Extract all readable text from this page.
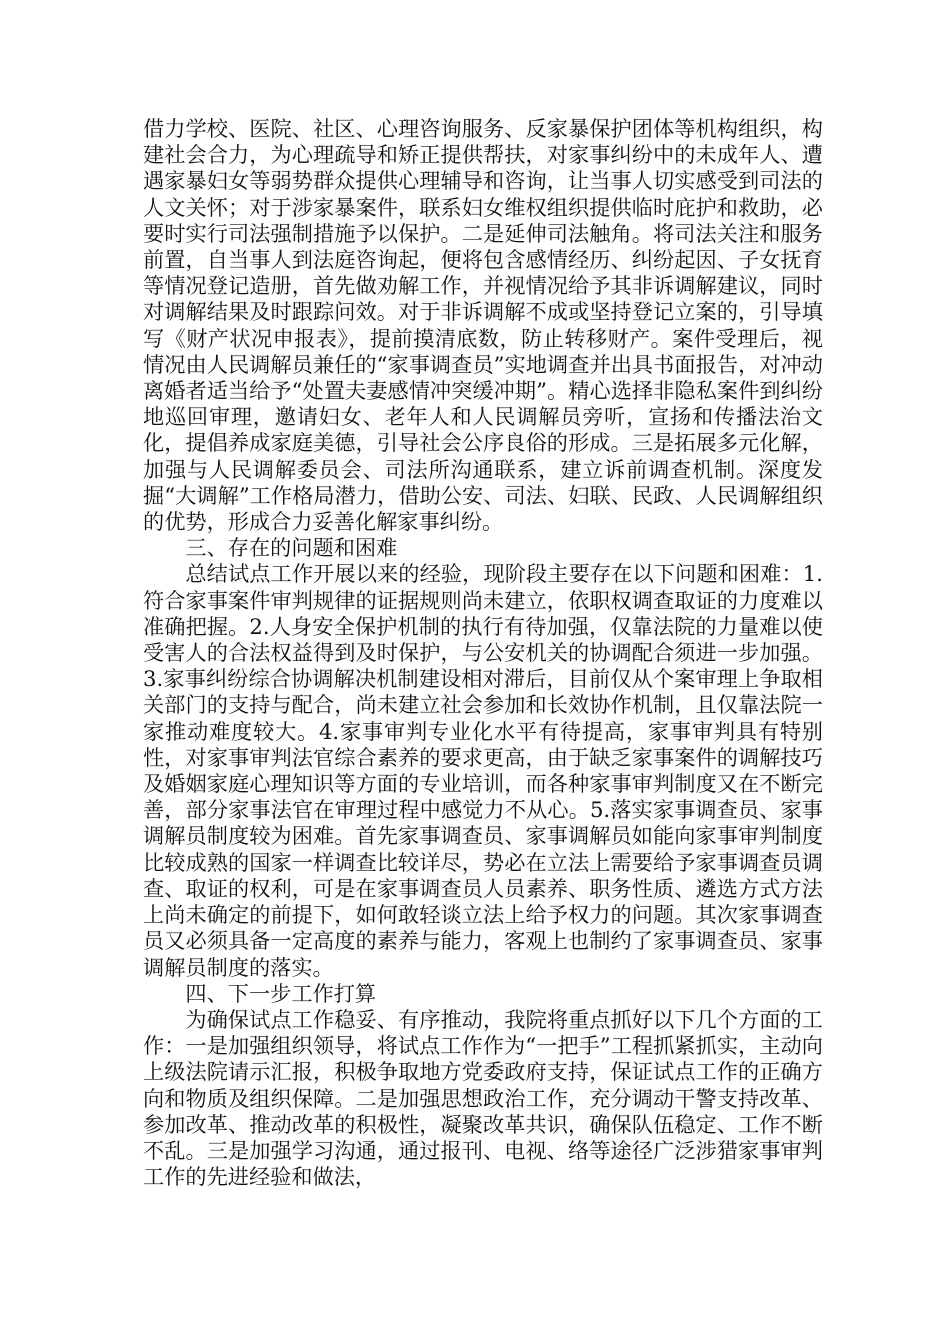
借力学校、医院、社区、心理咨询服务、反家暴保护团体等机构组织，构建社会合力，为心理疏导和矫正提供帮扶，对家事纠纷中的未成年人、遭遇家暴妇女等弱势群众提供心理辅导和咨询，让当事人切实感受到司法的人文关怀；对于涉家暴案件，联系妇女维权组织提供临时庇护和救助，必要时实行司法强制措施予以保护。二是延伸司法触角。将司法关注和服务前置，自当事人到法庭咨询起，便将包含感情经历、纠纷起因、子女抚育等情况登记造册，首先做劝解工作，并视情况给予其非诉调解建议，同时对调解结果及时跟踪问效。对于非诉调解不成或坚持登记立案的，引导填写《财产状况申报表》，提前摸清底数，防止转移财产。案件受理后，视情况由人民调解员兼任的“家事调查员”实地调查并出具书面报告，对冲动离婚者适当给予“处置夫妻感情冲突缓冲期”。精心选择非隐私案件到纠纷地巡回审理，邀请妇女、老年人和人民调解员旁听，宣扬和传播法治文化，提倡养成家庭美德，引导社会公序良俗的形成。三是拓展多元化解，加强与人民调解委员会、司法所沟通联系，建立诉前调查机制。深度发掘“大调解”工作格局潜力，借助公安、司法、妇联、民政、人民调解组织的优势，形成合力妥善化解家事纠纷。

三、存在的问题和困难

总结试点工作开展以来的经验，现阶段主要存在以下问题和困难：1.符合家事案件审判规律的证据规则尚未建立，依职权调查取证的力度难以准确把握。2.人身安全保护机制的执行有待加强，仅靠法院的力量难以使受害人的合法权益得到及时保护，与公安机关的协调配合须进一步加强。3.家事纠纷综合协调解决机制建设相对滞后，目前仅从个案审理上争取相关部门的支持与配合，尚未建立社会参加和长效协作机制，且仅靠法院一家推动难度较大。4.家事审判专业化水平有待提高，家事审判具有特别性，对家事审判法官综合素养的要求更高，由于缺乏家事案件的调解技巧及婚姻家庭心理知识等方面的专业培训，而各种家事审判制度又在不断完善，部分家事法官在审理过程中感觉力不从心。5.落实家事调查员、家事调解员制度较为困难。首先家事调查员、家事调解员如能向家事审判制度比较成熟的国家一样调查比较详尽，势必在立法上需要给予家事调查员调查、取证的权利，可是在家事调查员人员素养、职务性质、遴选方式方法上尚未确定的前提下，如何敢轻谈立法上给予权力的问题。其次家事调查员又必须具备一定高度的素养与能力，客观上也制约了家事调查员、家事调解员制度的落实。

四、下一步工作打算

为确保试点工作稳妥、有序推动，我院将重点抓好以下几个方面的工作：一是加强组织领导，将试点工作作为“一把手”工程抓紧抓实，主动向上级法院请示汇报，积极争取地方党委政府支持，保证试点工作的正确方向和物质及组织保障。二是加强思想政治工作，充分调动干警支持改革、参加改革、推动改革的积极性，凝聚改革共识，确保队伍稳定、工作不断不乱。三是加强学习沟通，通过报刊、电视、络等途径广泛涉猎家事审判工作的先进经验和做法，
